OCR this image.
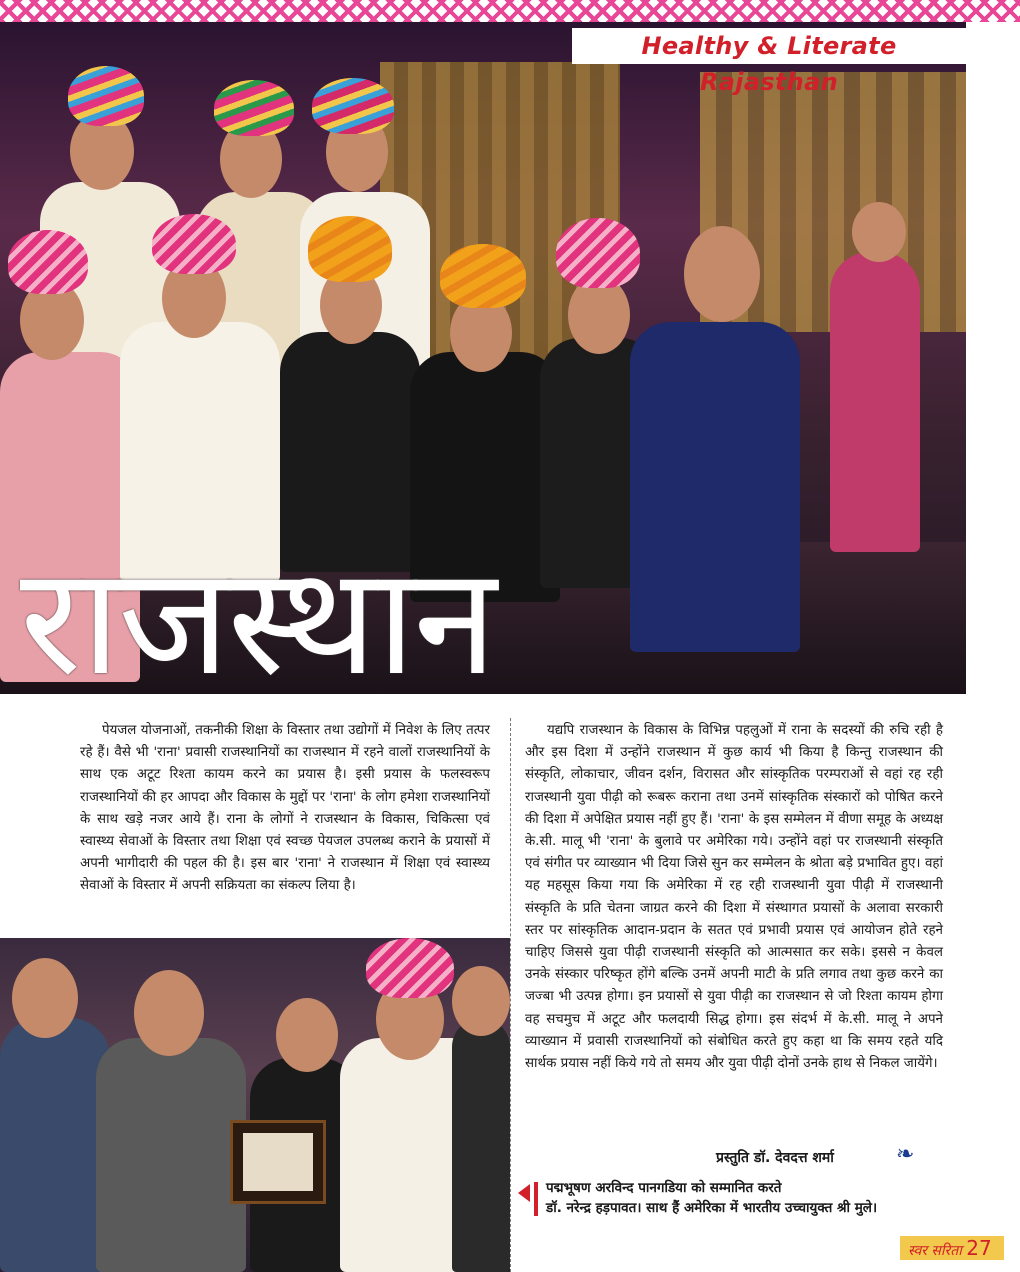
राजस्थान
Healthy & Literate Rajasthan

पेयजल योजनाओं, तकनीकी शिक्षा के विस्तार तथा उद्योगों में निवेश के लिए तत्पर रहे हैं। वैसे भी 'राना' प्रवासी राजस्थानियों का राजस्थान में रहने वालों राजस्थानियों के साथ एक अटूट रिश्ता कायम करने का प्रयास है। इसी प्रयास के फलस्वरूप राजस्थानियों की हर आपदा और विकास के मुद्दों पर 'राना' के लोग हमेशा राजस्थानियों के साथ खड़े नजर आये हैं। राना के लोगों ने राजस्थान के विकास, चिकित्सा एवं स्वास्थ्य सेवाओं के विस्तार तथा शिक्षा एवं स्वच्छ पेयजल उपलब्ध कराने के प्रयासों में अपनी भागीदारी की पहल की है। इस बार 'राना' ने राजस्थान में शिक्षा एवं स्वास्थ्य सेवाओं के विस्तार में अपनी सक्रियता का संकल्प लिया है।

यद्यपि राजस्थान के विकास के विभिन्न पहलुओं में राना के सदस्यों की रुचि रही है और इस दिशा में उन्होंने राजस्थान में कुछ कार्य भी किया है किन्तु राजस्थान की संस्कृति, लोकाचार, जीवन दर्शन, विरासत और सांस्कृतिक परम्पराओं से वहां रह रही राजस्थानी युवा पीढ़ी को रूबरू कराना तथा उनमें सांस्कृतिक संस्कारों को पोषित करने की दिशा में अपेक्षित प्रयास नहीं हुए हैं। 'राना' के इस सम्मेलन में वीणा समूह के अध्यक्ष के.सी. मालू भी 'राना' के बुलावे पर अमेरिका गये। उन्होंने वहां पर राजस्थानी संस्कृति एवं संगीत पर व्याख्यान भी दिया जिसे सुन कर सम्मेलन के श्रोता बड़े प्रभावित हुए। वहां यह महसूस किया गया कि अमेरिका में रह रही राजस्थानी युवा पीढ़ी में राजस्थानी संस्कृति के प्रति चेतना जाग्रत करने की दिशा में संस्थागत प्रयासों के अलावा सरकारी स्तर पर सांस्कृतिक आदान-प्रदान के सतत एवं प्रभावी प्रयास एवं आयोजन होते रहने चाहिए जिससे युवा पीढ़ी राजस्थानी संस्कृति को आत्मसात कर सके। इससे न केवल उनके संस्कार परिष्कृत होंगे बल्कि उनमें अपनी माटी के प्रति लगाव तथा कुछ करने का जज्बा भी उत्पन्न होगा। इन प्रयासों से युवा पीढ़ी का राजस्थान से जो रिश्ता कायम होगा वह सचमुच में अटूट और फलदायी सिद्ध होगा। इस संदर्भ में के.सी. मालू ने अपने व्याख्यान में प्रवासी राजस्थानियों को संबोधित करते हुए कहा था कि समय रहते यदि सार्थक प्रयास नहीं किये गये तो समय और युवा पीढ़ी दोनों उनके हाथ से निकल जायेंगे।

प्रस्तुति डॉ. देवदत्त शर्मा	❧
पद्मभूषण अरविन्द पानगडिया को सम्मानित करते
डॉ. नरेन्द्र हड़पावत। साथ हैं अमेरिका में भारतीय उच्चायुक्त श्री मुले।
स्वर सरिता 27
